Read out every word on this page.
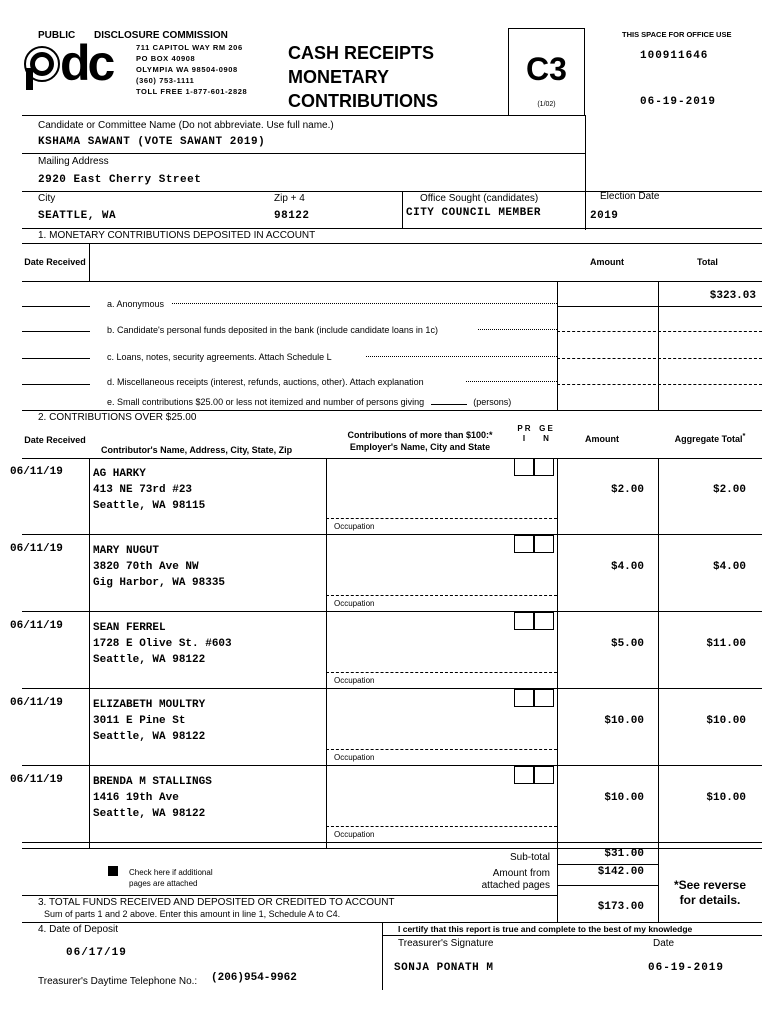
PUBLIC DISCLOSURE COMMISSION
dc	711 CAPITOL WAY RM 206
PO BOX 40908
OLYMPIA WA 98504-0908
(360) 753-1111
TOLL FREE 1-877-601-2828
CASH RECEIPTS
MONETARY
CONTRIBUTIONS
C3
(1/02)
THIS SPACE FOR OFFICE USE
100911646
06-19-2019
Candidate or Committee Name (Do not abbreviate. Use full name.)
KSHAMA SAWANT (VOTE SAWANT 2019)
Mailing Address
2920 East Cherry Street
City
SEATTLE, WA
Zip + 4
98122
Office Sought (candidates)
CITY COUNCIL MEMBER
Election Date
2019
1. MONETARY CONTRIBUTIONS DEPOSITED IN ACCOUNT
Date Received	Amount	Total
a. Anonymous
$323.03
b. Candidate's personal funds deposited in the bank (include candidate loans in 1c)
c. Loans, notes, security agreements. Attach Schedule L
d. Miscellaneous receipts (interest, refunds, auctions, other). Attach explanation
e. Small contributions $25.00 or less not itemized and number of persons giving	(persons)
2. CONTRIBUTIONS OVER $25.00
Date Received
Contributor's Name, Address, City, State, Zip
Contributions of more than $100:* Employer's Name, City and State
P R I
G E N	Amount	Aggregate Total*
06/11/19	AG HARKY
413 NE 73rd #23
Seattle, WA 98115
$2.00	$2.00
Occupation
06/11/19	MARY NUGUT
3820 70th Ave NW
Gig Harbor, WA 98335
$4.00	$4.00
Occupation
06/11/19	SEAN FERREL
1728 E Olive St. #603
Seattle, WA 98122
$5.00	$11.00
Occupation
06/11/19	ELIZABETH MOULTRY
3011 E Pine St
Seattle, WA 98122
$10.00	$10.00
Occupation
06/11/19	BRENDA M STALLINGS
1416 19th Ave
Seattle, WA 98122
$10.00	$10.00
Occupation
Check here if additional
pages are attached
Sub-total	$31.00
Amount from
attached pages
$142.00
*See reverse
for details.
3. TOTAL FUNDS RECEIVED AND DEPOSITED OR CREDITED TO ACCOUNT
Sum of parts 1 and 2 above. Enter this amount in line 1, Schedule A to C4.
$173.00
4. Date of Deposit
06/17/19
Treasurer's Daytime Telephone No.: (206)954-9962
I certify that this report is true and complete to the best of my knowledge
Treasurer's Signature	Date
SONJA PONATH M	06-19-2019
